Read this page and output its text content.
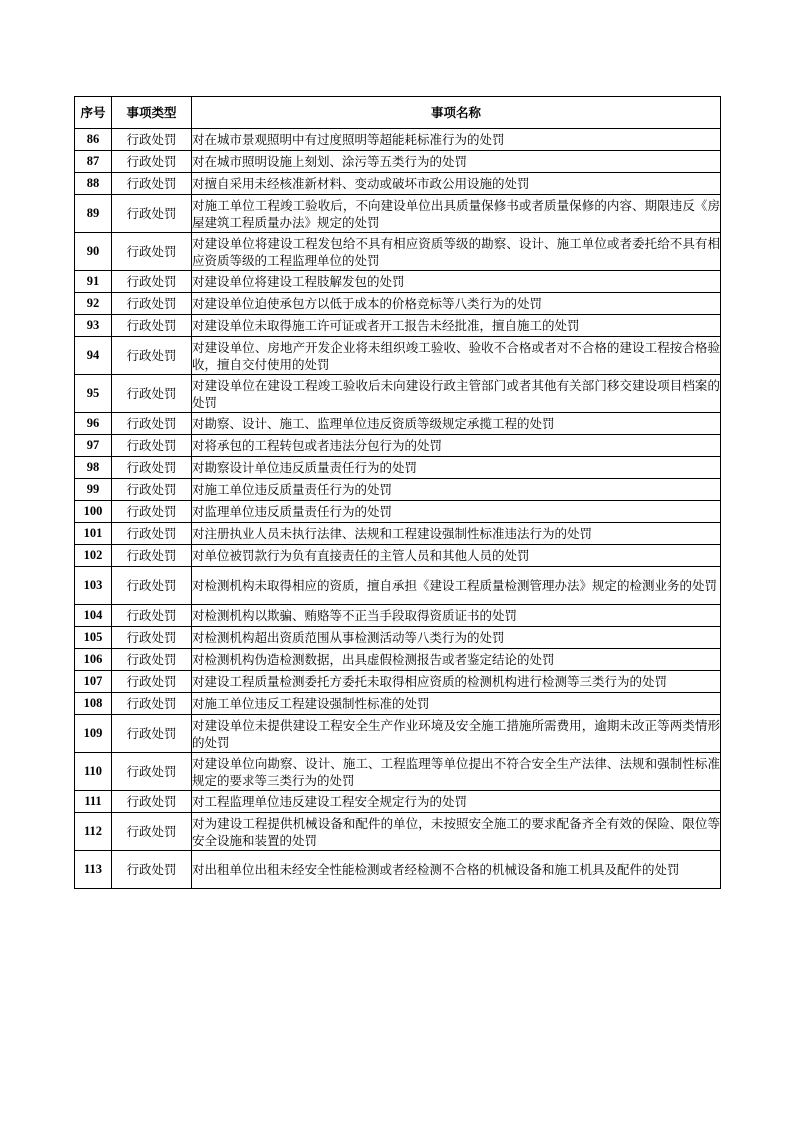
序号	事项类型	事项名称
86	行政处罚	对在城市景观照明中有过度照明等超能耗标准行为的处罚
87	行政处罚	对在城市照明设施上刻划、涂污等五类行为的处罚
88	行政处罚	对擅自采用未经核准新材料、变动或破坏市政公用设施的处罚
89	行政处罚	对施工单位工程竣工验收后，不向建设单位出具质量保修书或者质量保修的内容、期限违反《房屋建筑工程质量办法》规定的处罚
90	行政处罚	对建设单位将建设工程发包给不具有相应资质等级的勘察、设计、施工单位或者委托给不具有相应资质等级的工程监理单位的处罚
91	行政处罚	对建设单位将建设工程肢解发包的处罚
92	行政处罚	对建设单位迫使承包方以低于成本的价格竞标等八类行为的处罚
93	行政处罚	对建设单位未取得施工许可证或者开工报告未经批准，擅自施工的处罚
94	行政处罚	对建设单位、房地产开发企业将未组织竣工验收、验收不合格或者对不合格的建设工程按合格验收，擅自交付使用的处罚
95	行政处罚	对建设单位在建设工程竣工验收后未向建设行政主管部门或者其他有关部门移交建设项目档案的处罚
96	行政处罚	对勘察、设计、施工、监理单位违反资质等级规定承揽工程的处罚
97	行政处罚	对将承包的工程转包或者违法分包行为的处罚
98	行政处罚	对勘察设计单位违反质量责任行为的处罚
99	行政处罚	对施工单位违反质量责任行为的处罚
100	行政处罚	对监理单位违反质量责任行为的处罚
101	行政处罚	对注册执业人员未执行法律、法规和工程建设强制性标准违法行为的处罚
102	行政处罚	对单位被罚款行为负有直接责任的主管人员和其他人员的处罚
103	行政处罚	对检测机构未取得相应的资质，擅自承担《建设工程质量检测管理办法》规定的检测业务的处罚
104	行政处罚	对检测机构以欺骗、贿赂等不正当手段取得资质证书的处罚
105	行政处罚	对检测机构超出资质范围从事检测活动等八类行为的处罚
106	行政处罚	对检测机构伪造检测数据，出具虚假检测报告或者鉴定结论的处罚
107	行政处罚	对建设工程质量检测委托方委托未取得相应资质的检测机构进行检测等三类行为的处罚
108	行政处罚	对施工单位违反工程建设强制性标准的处罚
109	行政处罚	对建设单位未提供建设工程安全生产作业环境及安全施工措施所需费用，逾期未改正等两类情形的处罚
110	行政处罚	对建设单位向勘察、设计、施工、工程监理等单位提出不符合安全生产法律、法规和强制性标准规定的要求等三类行为的处罚
111	行政处罚	对工程监理单位违反建设工程安全规定行为的处罚
112	行政处罚	对为建设工程提供机械设备和配件的单位，未按照安全施工的要求配备齐全有效的保险、限位等安全设施和装置的处罚
113	行政处罚	对出租单位出租未经安全性能检测或者经检测不合格的机械设备和施工机具及配件的处罚
